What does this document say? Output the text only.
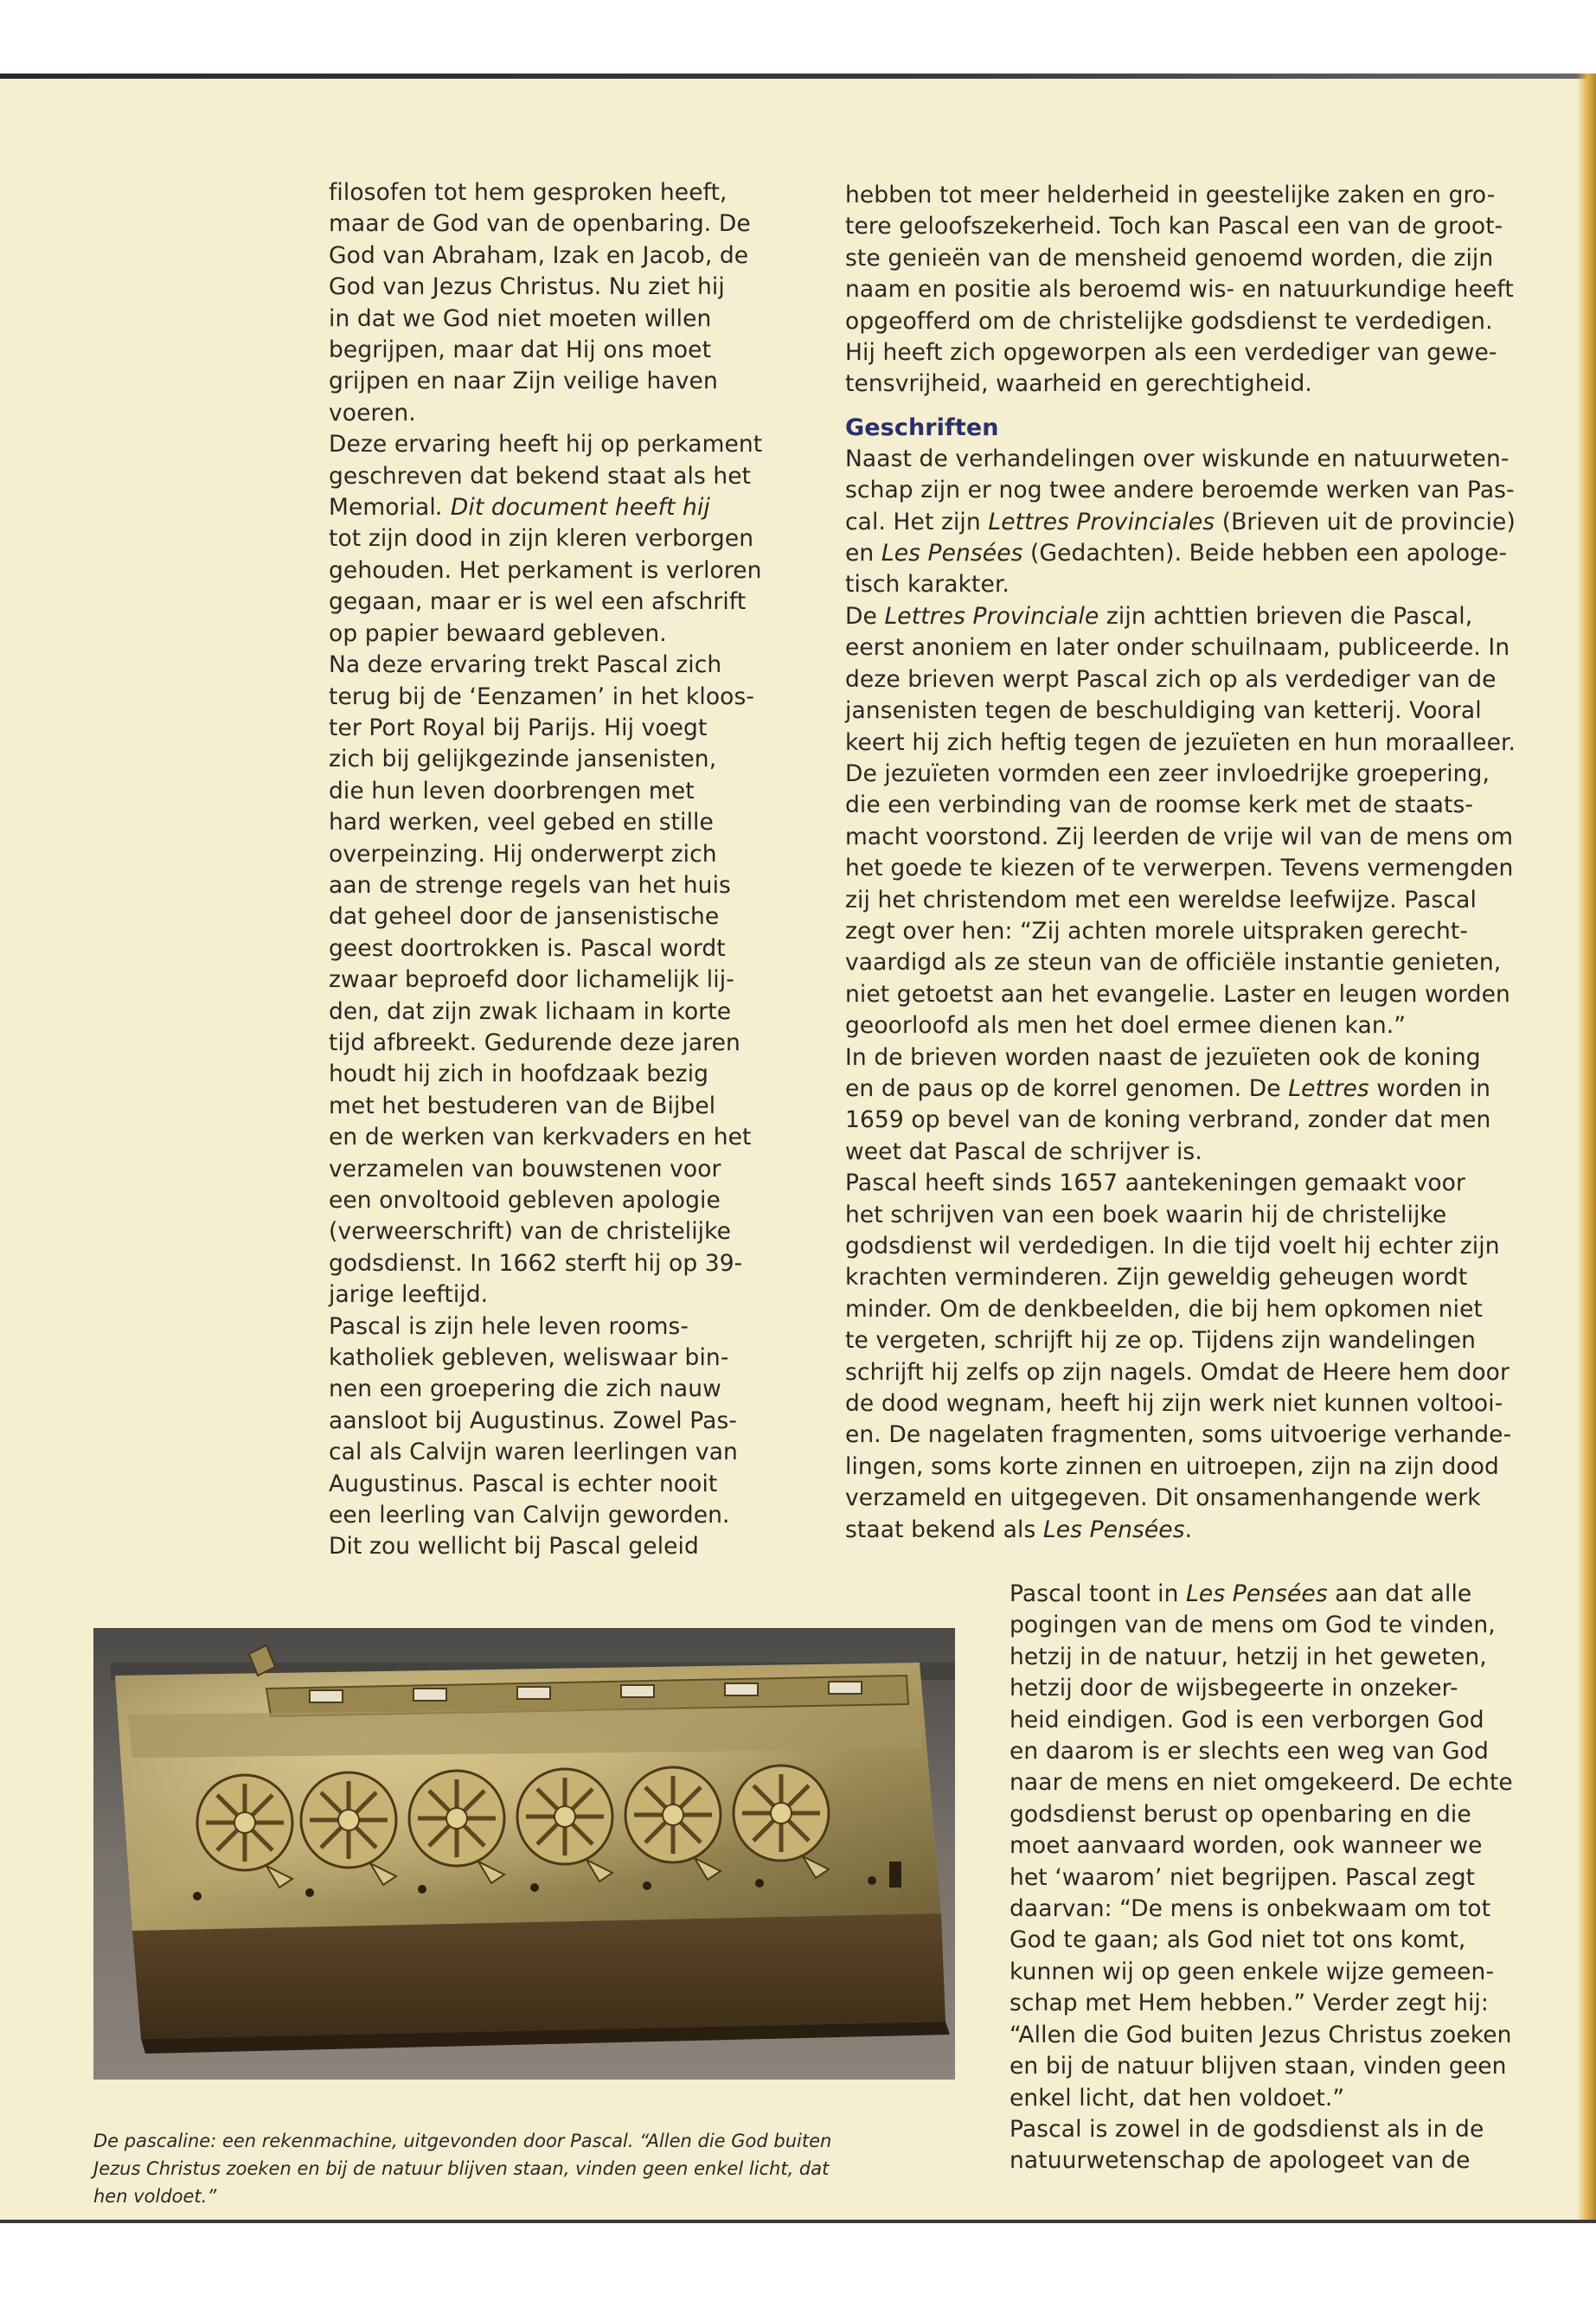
filosofen tot hem gesproken heeft,
maar de God van de openbaring. De
God van Abraham, Izak en Jacob, de
God van Jezus Christus. Nu ziet hij
in dat we God niet moeten willen
begrijpen, maar dat Hij ons moet
grijpen en naar Zijn veilige haven
voeren.
Deze ervaring heeft hij op perkament
geschreven dat bekend staat als het
Memorial. Dit document heeft hij
tot zijn dood in zijn kleren verborgen
gehouden. Het perkament is verloren
gegaan, maar er is wel een afschrift
op papier bewaard gebleven.
Na deze ervaring trekt Pascal zich
terug bij de ‘Eenzamen’ in het kloos-
ter Port Royal bij Parijs. Hij voegt
zich bij gelijkgezinde jansenisten,
die hun leven doorbrengen met
hard werken, veel gebed en stille
overpeinzing. Hij onderwerpt zich
aan de strenge regels van het huis
dat geheel door de jansenistische
geest doortrokken is. Pascal wordt
zwaar beproefd door lichamelijk lij-
den, dat zijn zwak lichaam in korte
tijd afbreekt. Gedurende deze jaren
houdt hij zich in hoofdzaak bezig
met het bestuderen van de Bijbel
en de werken van kerkvaders en het
verzamelen van bouwstenen voor
een onvoltooid gebleven apologie
(verweerschrift) van de christelijke
godsdienst. In 1662 sterft hij op 39-
jarige leeftijd.
Pascal is zijn hele leven rooms-
katholiek gebleven, weliswaar bin-
nen een groepering die zich nauw
aansloot bij Augustinus. Zowel Pas-
cal als Calvijn waren leerlingen van
Augustinus. Pascal is echter nooit
een leerling van Calvijn geworden.
Dit zou wellicht bij Pascal geleid
hebben tot meer helderheid in geestelijke zaken en gro-
tere geloofszekerheid. Toch kan Pascal een van de groot-
ste genieën van de mensheid genoemd worden, die zijn
naam en positie als beroemd wis- en natuurkundige heeft
opgeofferd om de christelijke godsdienst te verdedigen.
Hij heeft zich opgeworpen als een verdediger van gewe-
tensvrijheid, waarheid en gerechtigheid.
Geschriften
Naast de verhandelingen over wiskunde en natuurweten-
schap zijn er nog twee andere beroemde werken van Pas-
cal. Het zijn Lettres Provinciales (Brieven uit de provincie)
en Les Pensées (Gedachten). Beide hebben een apologe-
tisch karakter.
De Lettres Provinciale zijn achttien brieven die Pascal,
eerst anoniem en later onder schuilnaam, publiceerde. In
deze brieven werpt Pascal zich op als verdediger van de
jansenisten tegen de beschuldiging van ketterij. Vooral
keert hij zich heftig tegen de jezuïeten en hun moraalleer.
De jezuïeten vormden een zeer invloedrijke groepering,
die een verbinding van de roomse kerk met de staats-
macht voorstond. Zij leerden de vrije wil van de mens om
het goede te kiezen of te verwerpen. Tevens vermengden
zij het christendom met een wereldse leefwijze. Pascal
zegt over hen: “Zij achten morele uitspraken gerecht-
vaardigd als ze steun van de officiële instantie genieten,
niet getoetst aan het evangelie. Laster en leugen worden
geoorloofd als men het doel ermee dienen kan.”
In de brieven worden naast de jezuïeten ook de koning
en de paus op de korrel genomen. De Lettres worden in
1659 op bevel van de koning verbrand, zonder dat men
weet dat Pascal de schrijver is.
Pascal heeft sinds 1657 aantekeningen gemaakt voor
het schrijven van een boek waarin hij de christelijke
godsdienst wil verdedigen. In die tijd voelt hij echter zijn
krachten verminderen. Zijn geweldig geheugen wordt
minder. Om de denkbeelden, die bij hem opkomen niet
te vergeten, schrijft hij ze op. Tijdens zijn wandelingen
schrijft hij zelfs op zijn nagels. Omdat de Heere hem door
de dood wegnam, heeft hij zijn werk niet kunnen voltooi-
en. De nagelaten fragmenten, soms uitvoerige verhande-
lingen, soms korte zinnen en uitroepen, zijn na zijn dood
verzameld en uitgegeven. Dit onsamenhangende werk
staat bekend als Les Pensées.
Pascal toont in Les Pensées aan dat alle
pogingen van de mens om God te vinden,
hetzij in de natuur, hetzij in het geweten,
hetzij door de wijsbegeerte in onzeker-
heid eindigen. God is een verborgen God
en daarom is er slechts een weg van God
naar de mens en niet omgekeerd. De echte
godsdienst berust op openbaring en die
moet aanvaard worden, ook wanneer we
het ‘waarom’ niet begrijpen. Pascal zegt
daarvan: “De mens is onbekwaam om tot
God te gaan; als God niet tot ons komt,
kunnen wij op geen enkele wijze gemeen-
schap met Hem hebben.” Verder zegt hij:
“Allen die God buiten Jezus Christus zoeken
en bij de natuur blijven staan, vinden geen
enkel licht, dat hen voldoet.”
Pascal is zowel in de godsdienst als in de
natuurwetenschap de apologeet van de
De pascaline: een rekenmachine, uitgevonden door Pascal. “Allen die God buiten
Jezus Christus zoeken en bij de natuur blijven staan, vinden geen enkel licht, dat
hen voldoet.”
